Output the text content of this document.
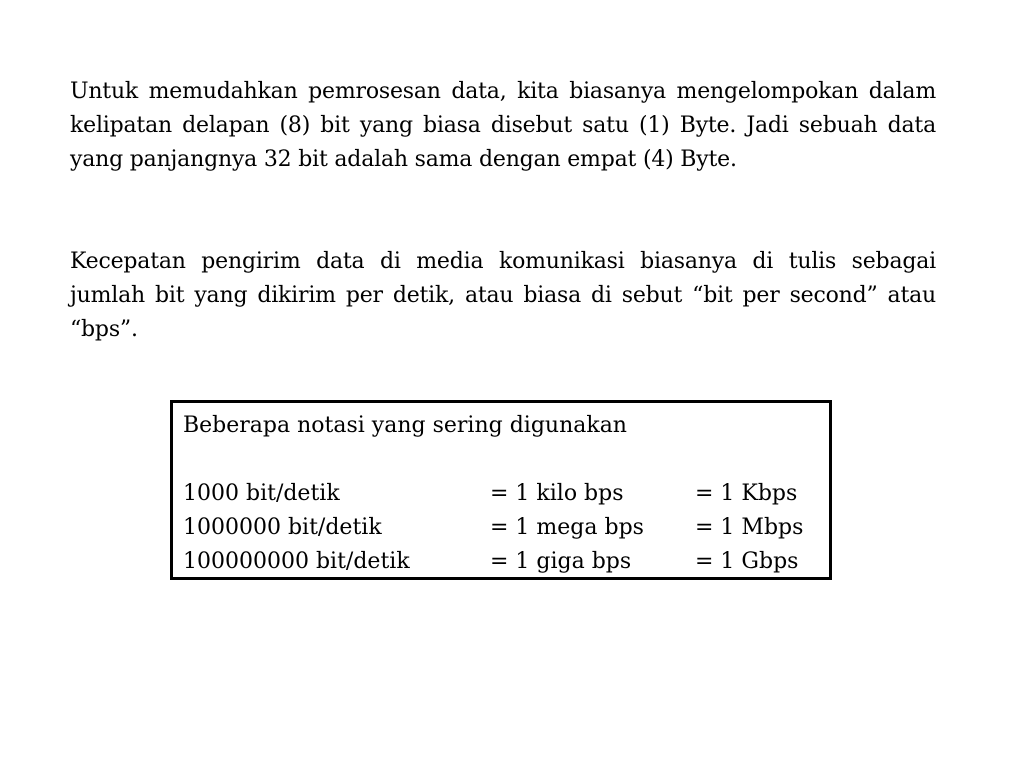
Untuk memudahkan pemrosesan data, kita biasanya mengelompokan dalam kelipatan delapan (8) bit yang biasa disebut satu (1) Byte. Jadi sebuah data yang panjangnya 32 bit adalah sama dengan empat (4) Byte.

Kecepatan pengirim data di media komunikasi biasanya di tulis sebagai jumlah bit yang dikirim per detik, atau biasa di sebut “bit per second” atau “bps”.

Beberapa notasi yang sering digunakan
1000 bit/detik	= 1 kilo bps	= 1 Kbps
1000000 bit/detik	= 1 mega bps	= 1 Mbps
100000000 bit/detik	= 1 giga bps	= 1 Gbps
